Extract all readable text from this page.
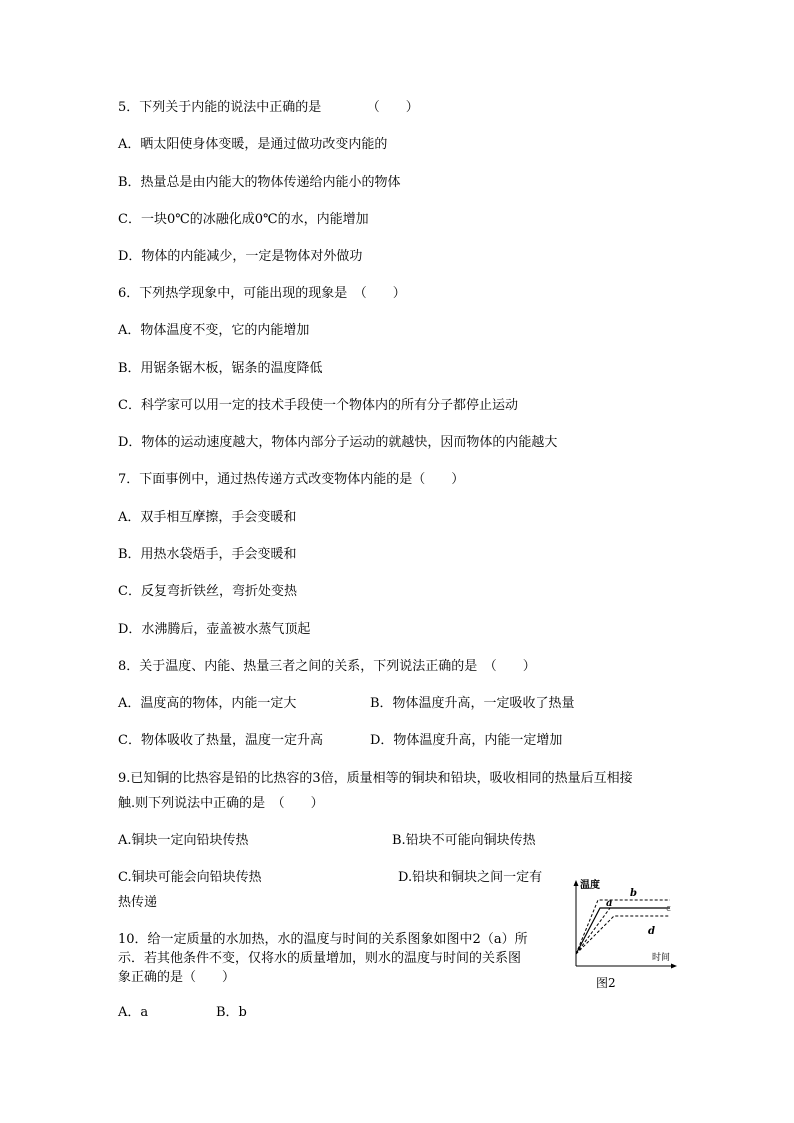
5．下列关于内能的说法中正确的是　　　　（　　）
A．晒太阳使身体变暖，是通过做功改变内能的
B．热量总是由内能大的物体传递给内能小的物体
C．一块0℃的冰融化成0℃的水，内能增加
D．物体的内能减少，一定是物体对外做功
6．下列热学现象中，可能出现的现象是　（　　）
A．物体温度不变，它的内能增加
B．用锯条锯木板，锯条的温度降低
C．科学家可以用一定的技术手段使一个物体内的所有分子都停止运动
D．物体的运动速度越大，物体内部分子运动的就越快，因而物体的内能越大
7．下面事例中，通过热传递方式改变物体内能的是（　　）
A．双手相互摩擦，手会变暖和
B．用热水袋焐手，手会变暖和
C．反复弯折铁丝，弯折处变热
D．水沸腾后，壶盖被水蒸气顶起
8．关于温度、内能、热量三者之间的关系，下列说法正确的是　（　　）
A．温度高的物体，内能一定大	B．物体温度升高，一定吸收了热量
C．物体吸收了热量，温度一定升高	D．物体温度升高，内能一定增加
9.已知铜的比热容是铅的比热容的3倍，质量相等的铜块和铅块，吸收相同的热量后互相接
触.则下列说法中正确的是　（　　）
A.铜块一定向铅块传热	B.铅块不可能向铜块传热
C.铜块可能会向铅块传热	D.铅块和铜块之间一定有
热传递
10．给一定质量的水加热，水的温度与时间的关系图象如图中2（a）所
示．若其他条件不变，仅将水的质量增加，则水的温度与时间的关系图
象正确的是（　　）
A．a	B．b
温度
时间
a
b
c
d
图2
